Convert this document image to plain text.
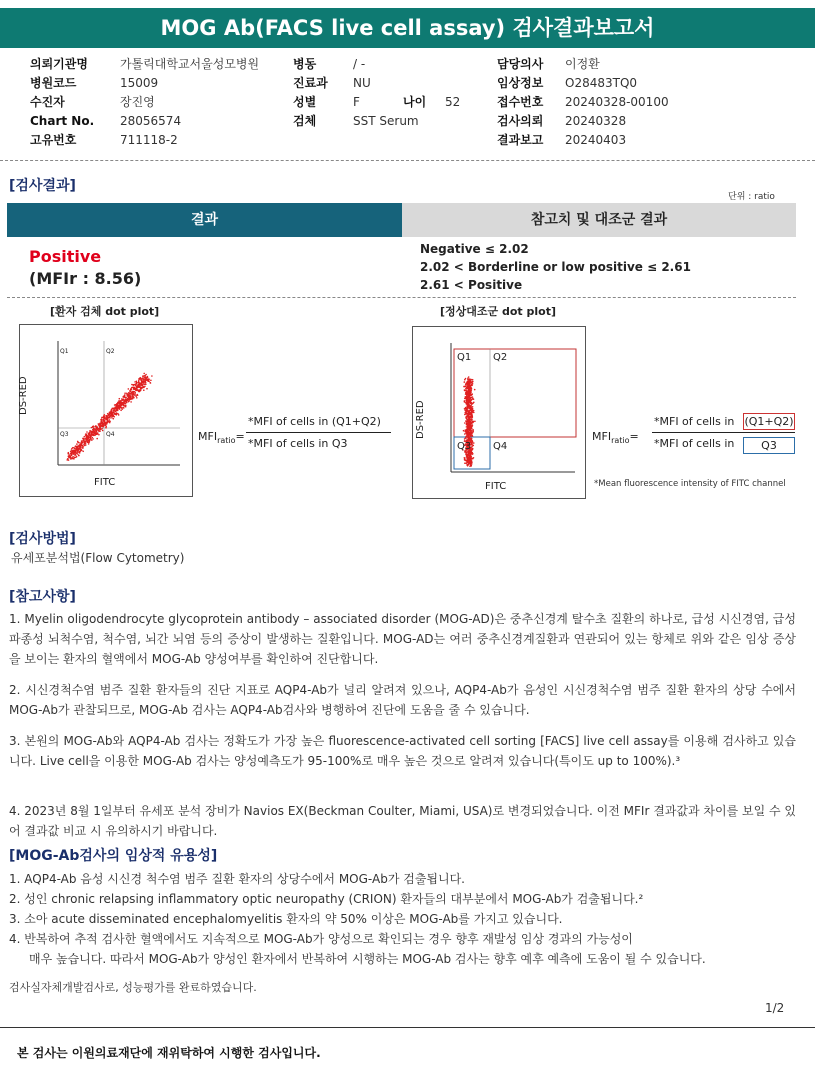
MOG Ab(FACS live cell assay) 검사결과보고서
의뢰기관명	가톨릭대학교서울성모병원
병원코드	15009
수진자	장진영
Chart No. 28056574
고유번호	711118-2
병동	/ -
진료과 NU
성별	F	나이 52
검체	SST Serum
담당의사 이정환
임상정보 O28483TQ0
접수번호 20240328-00100
검사의뢰 20240328
결과보고 20240403
[검사결과]
단위 : ratio
결과	참고치 및 대조군 결과
Positive
(MFIr : 8.56)
Negative ≤ 2.02
2.02 < Borderline or low positive ≤ 2.61
2.61 < Positive
[환자 검체 dot plot]
Q1	Q2
Q3	Q4
DS-RED
FITC
$MFI_{ratio}=$
*MFI of cells in (Q1+Q2)
*MFI of cells in Q3
[정상대조군 dot plot]
Q1 Q2
Q3 Q4
DS-RED
FITC
$MFI_{ratio}=$
*MFI of cells in (Q1+Q2)
*MFI of cells in	Q3
*Mean fluorescence intensity of FITC channel
[검사방법]
유세포분석법(Flow Cytometry)
[참고사항]
1. Myelin oligodendrocyte glycoprotein antibody – associated disorder (MOG-AD)은 중추신경계 탈수초 질환의 하나로, 급성 시신경염, 급성파종성 뇌척수염, 척수염, 뇌간 뇌염 등의 증상이 발생하는 질환입니다. MOG-AD는 여러 중추신경계질환과 연관되어 있는 항체로 위와 같은 임상 증상을 보이는 환자의 혈액에서 MOG-Ab 양성여부를 확인하여 진단합니다.
2. 시신경척수염 범주 질환 환자들의 진단 지표로 AQP4-Ab가 널리 알려져 있으나, AQP4-Ab가 음성인 시신경척수염 범주 질환 환자의 상당 수에서 MOG-Ab가 관찰되므로, MOG-Ab 검사는 AQP4-Ab검사와 병행하여 진단에 도움을 줄 수 있습니다.
3. 본원의 MOG-Ab와 AQP4-Ab 검사는 정확도가 가장 높은 fluorescence-activated cell sorting [FACS] live cell assay를 이용해 검사하고 있습니다. Live cell을 이용한 MOG-Ab 검사는 양성예측도가 95-100%로 매우 높은 것으로 알려져 있습니다(특이도 up to 100%).³
4. 2023년 8월 1일부터 유세포 분석 장비가 Navios EX(Beckman Coulter, Miami, USA)로 변경되었습니다. 이전 MFIr 결과값과 차이를 보일 수 있어 결과값 비교 시 유의하시기 바랍니다.
[MOG-Ab검사의 임상적 유용성]
1. AQP4-Ab 음성 시신경 척수염 범주 질환 환자의 상당수에서 MOG-Ab가 검출됩니다.
2. 성인 chronic relapsing inflammatory optic neuropathy (CRION) 환자들의 대부분에서 MOG-Ab가 검출됩니다.²
3. 소아 acute disseminated encephalomyelitis 환자의 약 50% 이상은 MOG-Ab를 가지고 있습니다.
4. 반복하여 추적 검사한 혈액에서도 지속적으로 MOG-Ab가 양성으로 확인되는 경우 향후 재발성 임상 경과의 가능성이
매우 높습니다. 따라서 MOG-Ab가 양성인 환자에서 반복하여 시행하는 MOG-Ab 검사는 향후 예후 예측에 도움이 될 수 있습니다.
검사실자체개발검사로, 성능평가를 완료하였습니다.
1/2
본 검사는 이원의료재단에 재위탁하여 시행한 검사입니다.
